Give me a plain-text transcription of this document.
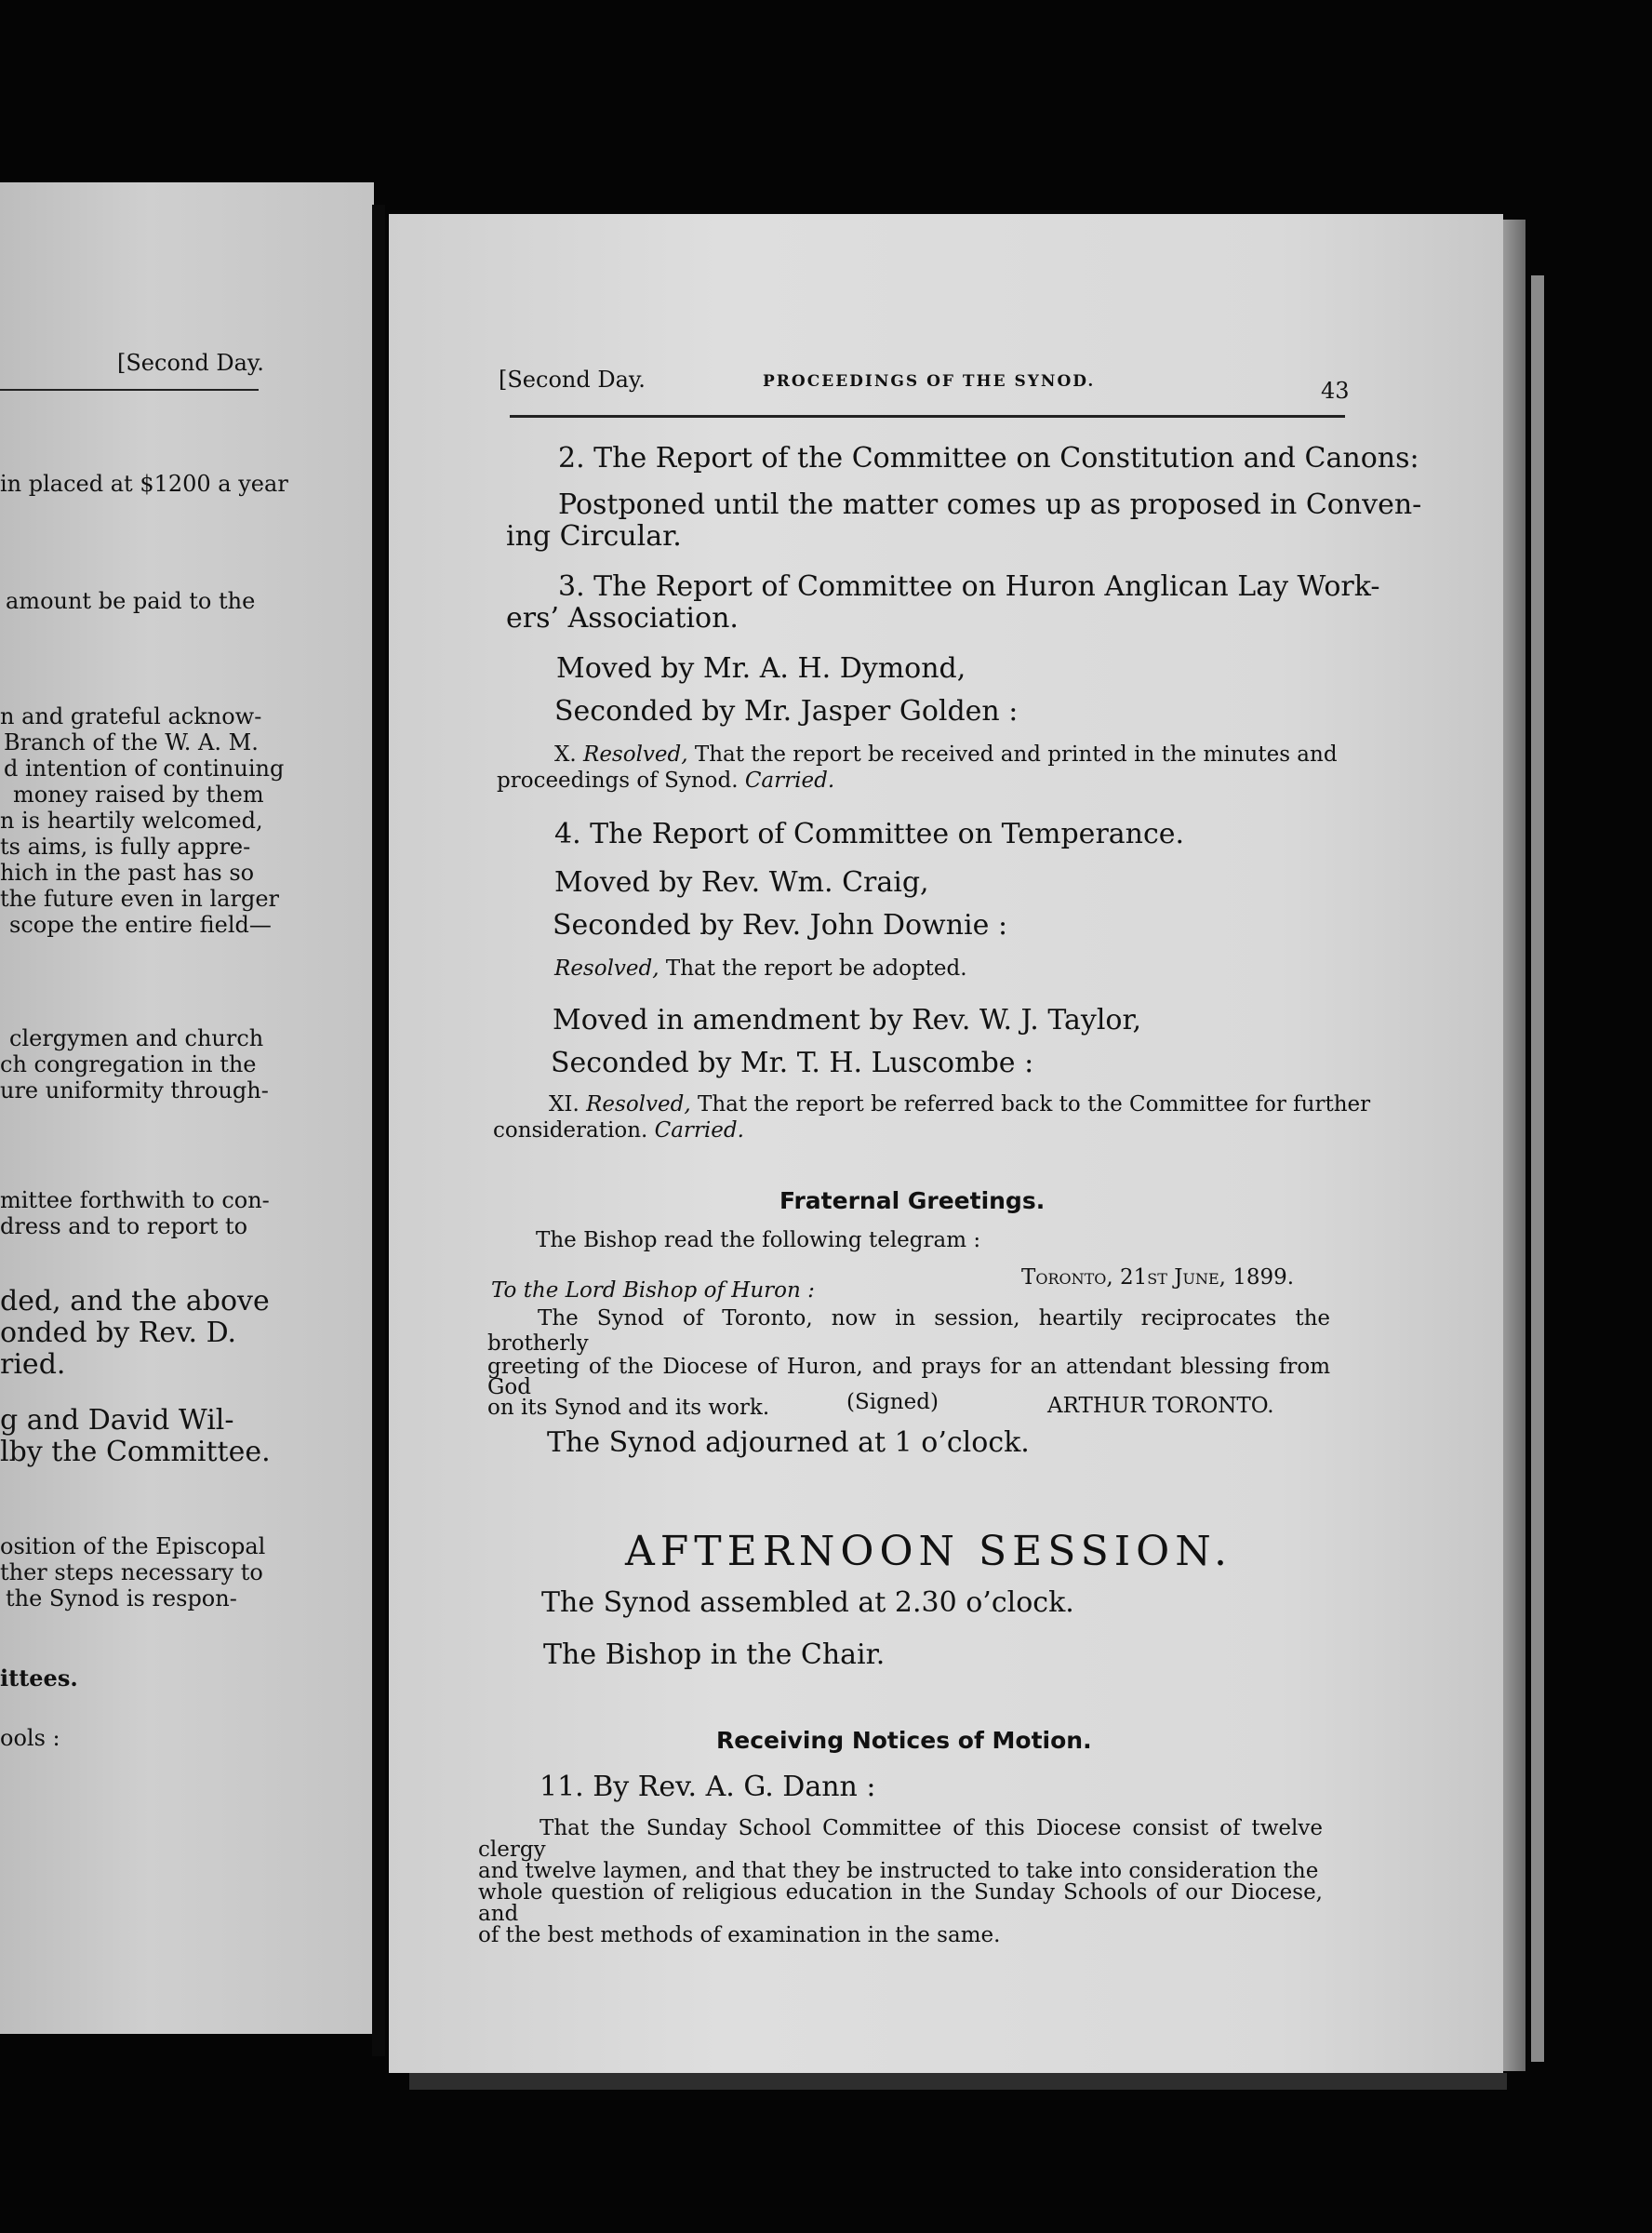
[Second Day.
in placed at $1200 a year
amount be paid to the
n and grateful acknow-
Branch of the W. A. M.
d intention of continuing
money raised by them
n is heartily welcomed,
ts aims, is fully appre-
hich in the past has so
the future even in larger
scope the entire field—
clergymen and church
ch congregation in the
ure uniformity through-
mittee forthwith to con-
dress and to report to
ded, and the above
onded by Rev. D.
ried.
g and David Wil-
lby the Committee.
osition of the Episcopal
ther steps necessary to
the Synod is respon-
ittees.
ools :
[Second Day.	PROCEEDINGS OF THE SYNOD.	43
2. The Report of the Committee on Constitution and Canons:
Postponed until the matter comes up as proposed in Conven-
ing Circular.
3. The Report of Committee on Huron Anglican Lay Work-
ers’ Association.
Moved by Mr. A. H. Dymond,
Seconded by Mr. Jasper Golden :
X. Resolved, That the report be received and printed in the minutes and
proceedings of Synod. Carried.
4. The Report of Committee on Temperance.
Moved by Rev. Wm. Craig,
Seconded by Rev. John Downie :
Resolved, That the report be adopted.
Moved in amendment by Rev. W. J. Taylor,
Seconded by Mr. T. H. Luscombe :
XI. Resolved, That the report be referred back to the Committee for further
consideration. Carried.
Fraternal Greetings.
The Bishop read the following telegram :
Toronto, 21st June, 1899.
To the Lord Bishop of Huron :

The Synod of Toronto, now in session, heartily reciprocates the brotherly

greeting of the Diocese of Huron, and prays for an attendant blessing from God

on its Synod and its work.	(Signed)	ARTHUR TORONTO.
The Synod adjourned at 1 o’clock.
AFTERNOON SESSION.
The Synod assembled at 2.30 o’clock.
The Bishop in the Chair.
Receiving Notices of Motion.
11. By Rev. A. G. Dann :

That the Sunday School Committee of this Diocese consist of twelve clergy

and twelve laymen, and that they be instructed to take into consideration the

whole question of religious education in the Sunday Schools of our Diocese, and

of the best methods of examination in the same.
